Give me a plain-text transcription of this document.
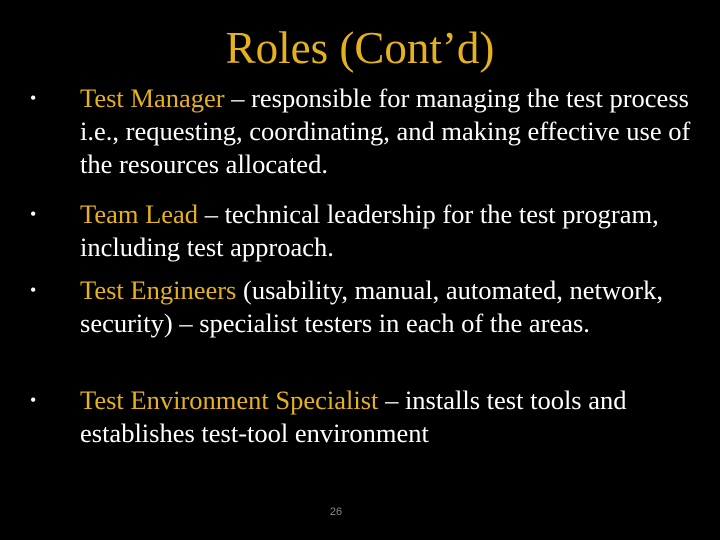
Roles (Cont’d)
• Test Manager – responsible for managing the test process i.e., requesting, coordinating, and making effective use of the resources allocated.
• Team Lead – technical leadership for the test program, including test approach.
• Test Engineers (usability, manual, automated, network, security) – specialist testers in each of the areas.
• Test Environment Specialist – installs test tools and establishes test-tool environment
26
